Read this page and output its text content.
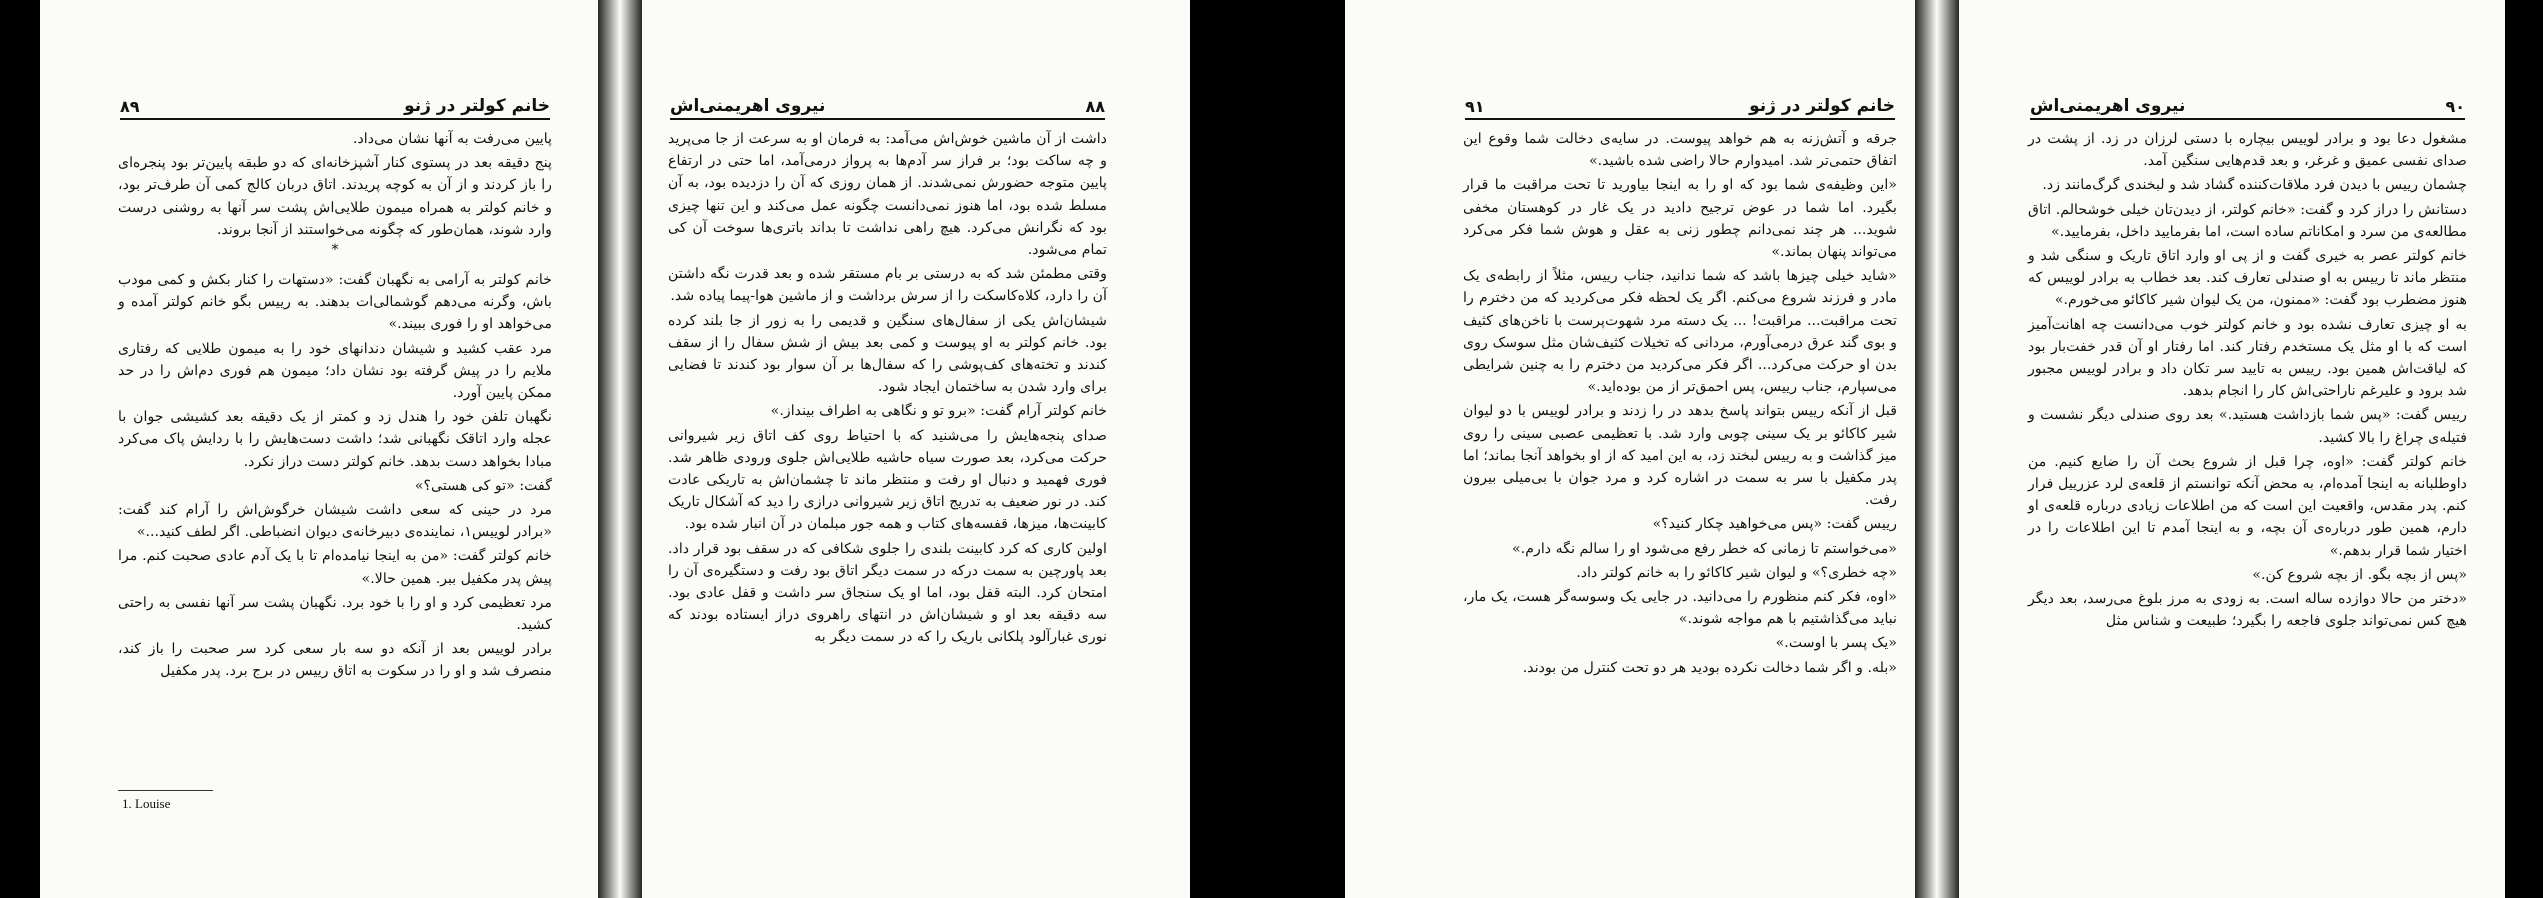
۸۹	خانم کولتر در ژنو

پایین می‌رفت به آنها نشان می‌داد.

پنج دقیقه بعد در پستوی کنار آشپزخانه‌ای که دو طبقه پایین‌تر بود پنجره‌ای را باز کردند و از آن به کوچه پریدند. اتاق دربان کالج کمی آن طرف‌تر بود، و خانم کولتر به همراه میمون طلایی‌اش پشت سر آنها به روشنی درست وارد شوند، همان‌طور که چگونه می‌خواستند از آنجا بروند.

*

خانم کولتر به آرامی به نگهبان گفت: «دستهات را کنار بکش و کمی مودب باش، وگرنه می‌دهم گوشمالی‌ات بدهند. به رییس بگو خانم کولتر آمده و می‌خواهد او را فوری ببیند.»

مرد عقب کشید و شیشان دندانهای خود را به میمون طلایی که رفتاری ملایم را در پیش گرفته بود نشان داد؛ میمون هم فوری دم‌اش را در حد ممکن پایین آورد.

نگهبان تلفن خود را هندل زد و کمتر از یک دقیقه بعد کشیشی جوان با عجله وارد اتاقک نگهبانی شد؛ داشت دست‌هایش را با ردایش پاک می‌کرد مبادا بخواهد دست بدهد. خانم کولتر دست دراز نکرد.

گفت: «تو کی هستی؟»

مرد در حینی که سعی داشت شیشان خرگوش‌اش را آرام کند گفت: «برادر لوییس۱، نماینده‌ی دبیرخانه‌ی دیوان انضباطی. اگر لطف کنید...»

خانم کولتر گفت: «من به اینجا نیامده‌ام تا با یک آدم عادی صحبت کنم. مرا پیش پدر مکفیل ببر. همین حالا.»

مرد تعظیمی کرد و او را با خود برد. نگهبان پشت سر آنها نفسی به راحتی کشید.

برادر لوییس بعد از آنکه دو سه بار سعی کرد سر صحبت را باز کند، منصرف شد و او را در سکوت به اتاق رییس در برج برد. پدر مکفیل

1. Louise
نیروی اهریمنی‌اش	۸۸

داشت از آن ماشین خوش‌اش می‌آمد: به فرمان او به سرعت از جا می‌پرید و چه ساکت بود؛ بر فراز سر آدم‌ها به پرواز درمی‌آمد، اما حتی در ارتفاع پایین متوجه حضورش نمی‌شدند. از همان روزی که آن را دزدیده بود، به آن مسلط شده بود، اما هنوز نمی‌دانست چگونه عمل می‌کند و این تنها چیزی بود که نگرانش می‌کرد. هیچ راهی نداشت تا بداند باتری‌ها سوخت آن کی تمام می‌شود.

وقتی مطمئن شد که به درستی بر بام مستقر شده و بعد قدرت نگه داشتن آن را دارد، کلاه‌کاسکت را از سرش برداشت و از ماشین هوا-پیما پیاده شد.

شیشان‌اش یکی از سفال‌های سنگین و قدیمی را به زور از جا بلند کرده بود. خانم کولتر به او پیوست و کمی بعد بیش از شش سفال را از سقف کندند و تخته‌های کف‌پوشی را که سفال‌ها بر آن سوار بود کندند تا فضایی برای وارد شدن به ساختمان ایجاد شود.

خانم کولتر آرام گفت: «برو تو و نگاهی به اطراف بینداز.»

صدای پنجه‌هایش را می‌شنید که با احتیاط روی کف اتاق زیر شیروانی حرکت می‌کرد، بعد صورت سیاه حاشیه طلایی‌اش جلوی ورودی ظاهر شد. فوری فهمید و دنبال او رفت و منتظر ماند تا چشمان‌اش به تاریکی عادت کند. در نور ضعیف به تدریج اتاق زیر شیروانی درازی را دید که آشکال تاریک کابینت‌ها، میزها، قفسه‌های کتاب و همه جور مبلمان در آن انبار شده بود.

اولین کاری که کرد کابینت بلندی را جلوی شکافی که در سقف بود قرار داد. بعد پاورچین به سمت درکه در سمت دیگر اتاق بود رفت و دستگیره‌ی آن را امتحان کرد. البته قفل بود، اما او یک سنجاق سر داشت و قفل عادی بود. سه دقیقه بعد او و شیشان‌اش در انتهای راهروی دراز ایستاده بودند که نوری غبارآلود پلکانی باریک را که در سمت دیگر به

۹۱	خانم کولتر در ژنو

جرقه و آتش‌زنه به هم خواهد پیوست. در سایه‌ی دخالت شما وقوع این اتفاق حتمی‌تر شد. امیدوارم حالا راضی شده باشید.»

«این وظیفه‌ی شما بود که او را به اینجا بیاورید تا تحت مراقبت ما قرار بگیرد. اما شما در عوض ترجیح دادید در یک غار در کوهستان مخفی شوید... هر چند نمی‌دانم چطور زنی به عقل و هوش شما فکر می‌کرد می‌تواند پنهان بماند.»

«شاید خیلی چیزها باشد که شما ندانید، جناب رییس، مثلاً از رابطه‌ی یک مادر و فرزند شروع می‌کنم. اگر یک لحظه فکر می‌کردید که من دخترم را تحت مراقبت... مراقبت! ... یک دسته مرد شهوت‌پرست با ناخن‌های کثیف و بوی گند عرق درمی‌آورم، مردانی که تخیلات کثیف‌شان مثل سوسک روی بدن او حرکت می‌کرد... اگر فکر می‌کردید من دخترم را به چنین شرایطی می‌سپارم، جناب رییس، پس احمق‌تر از من بوده‌اید.»

قبل از آنکه رییس بتواند پاسخ بدهد در را زدند و برادر لوییس با دو لیوان شیر کاکائو بر یک سینی چوبی وارد شد. با تعظیمی عصبی سینی را روی میز گذاشت و به رییس لبخند زد، به این امید که از او بخواهد آنجا بماند؛ اما پدر مکفیل با سر به سمت در اشاره کرد و مرد جوان با بی‌میلی بیرون رفت.

رییس گفت: «پس می‌خواهید چکار کنید؟»

«می‌خواستم تا زمانی که خطر رفع می‌شود او را سالم نگه دارم.»

«چه خطری؟» و لیوان شیر کاکائو را به خانم کولتر داد.

«اوه، فکر کنم منظورم را می‌دانید. در جایی یک وسوسه‌گر هست، یک مار، نباید می‌گذاشتیم با هم مواجه شوند.»

«یک پسر با اوست.»

«بله. و اگر شما دخالت نکرده بودید هر دو تحت کنترل من بودند.

نیروی اهریمنی‌اش	۹۰

مشغول دعا بود و برادر لوییس بیچاره با دستی لرزان در زد. از پشت در صدای نفسی عمیق و غرغر، و بعد قدم‌هایی سنگین آمد.

چشمان رییس با دیدن فرد ملاقات‌کننده گشاد شد و لبخندی گرگ‌مانند زد.

دستانش را دراز کرد و گفت: «خانم کولتر، از دیدن‌تان خیلی خوشحالم. اتاق مطالعه‌ی من سرد و امکاناتم ساده است، اما بفرمایید داخل، بفرمایید.»

خانم کولتر عصر به خیری گفت و از پی او وارد اتاق تاریک و سنگی شد و منتظر ماند تا رییس به او صندلی تعارف کند. بعد خطاب به برادر لوییس که هنوز مضطرب بود گفت: «ممنون، من یک لیوان شیر کاکائو می‌خورم.»

به او چیزی تعارف نشده بود و خانم کولتر خوب می‌دانست چه اهانت‌آمیز است که با او مثل یک مستخدم رفتار کند. اما رفتار او آن قدر خفت‌بار بود که لیاقت‌اش همین بود. رییس به تایید سر تکان داد و برادر لوییس مجبور شد برود و علیرغم ناراحتی‌اش کار را انجام بدهد.

رییس گفت: «پس شما بازداشت هستید.» بعد روی صندلی دیگر نشست و فتیله‌ی چراغ را بالا کشید.

خانم کولتر گفت: «اوه، چرا قبل از شروع بحث آن را ضایع کنیم. من داوطلبانه به اینجا آمده‌ام، به محض آنکه توانستم از قلعه‌ی لرد عزرییل فرار کنم. پدر مقدس، واقعیت این است که من اطلاعات زیادی درباره قلعه‌ی او دارم، همین طور درباره‌ی آن بچه، و به اینجا آمدم تا این اطلاعات را در اختیار شما قرار بدهم.»

«پس از بچه بگو. از بچه شروع کن.»

«دختر من حالا دوازده ساله است. به زودی به مرز بلوغ می‌رسد، بعد دیگر هیچ کس نمی‌تواند جلوی فاجعه را بگیرد؛ طبیعت و شناس مثل
